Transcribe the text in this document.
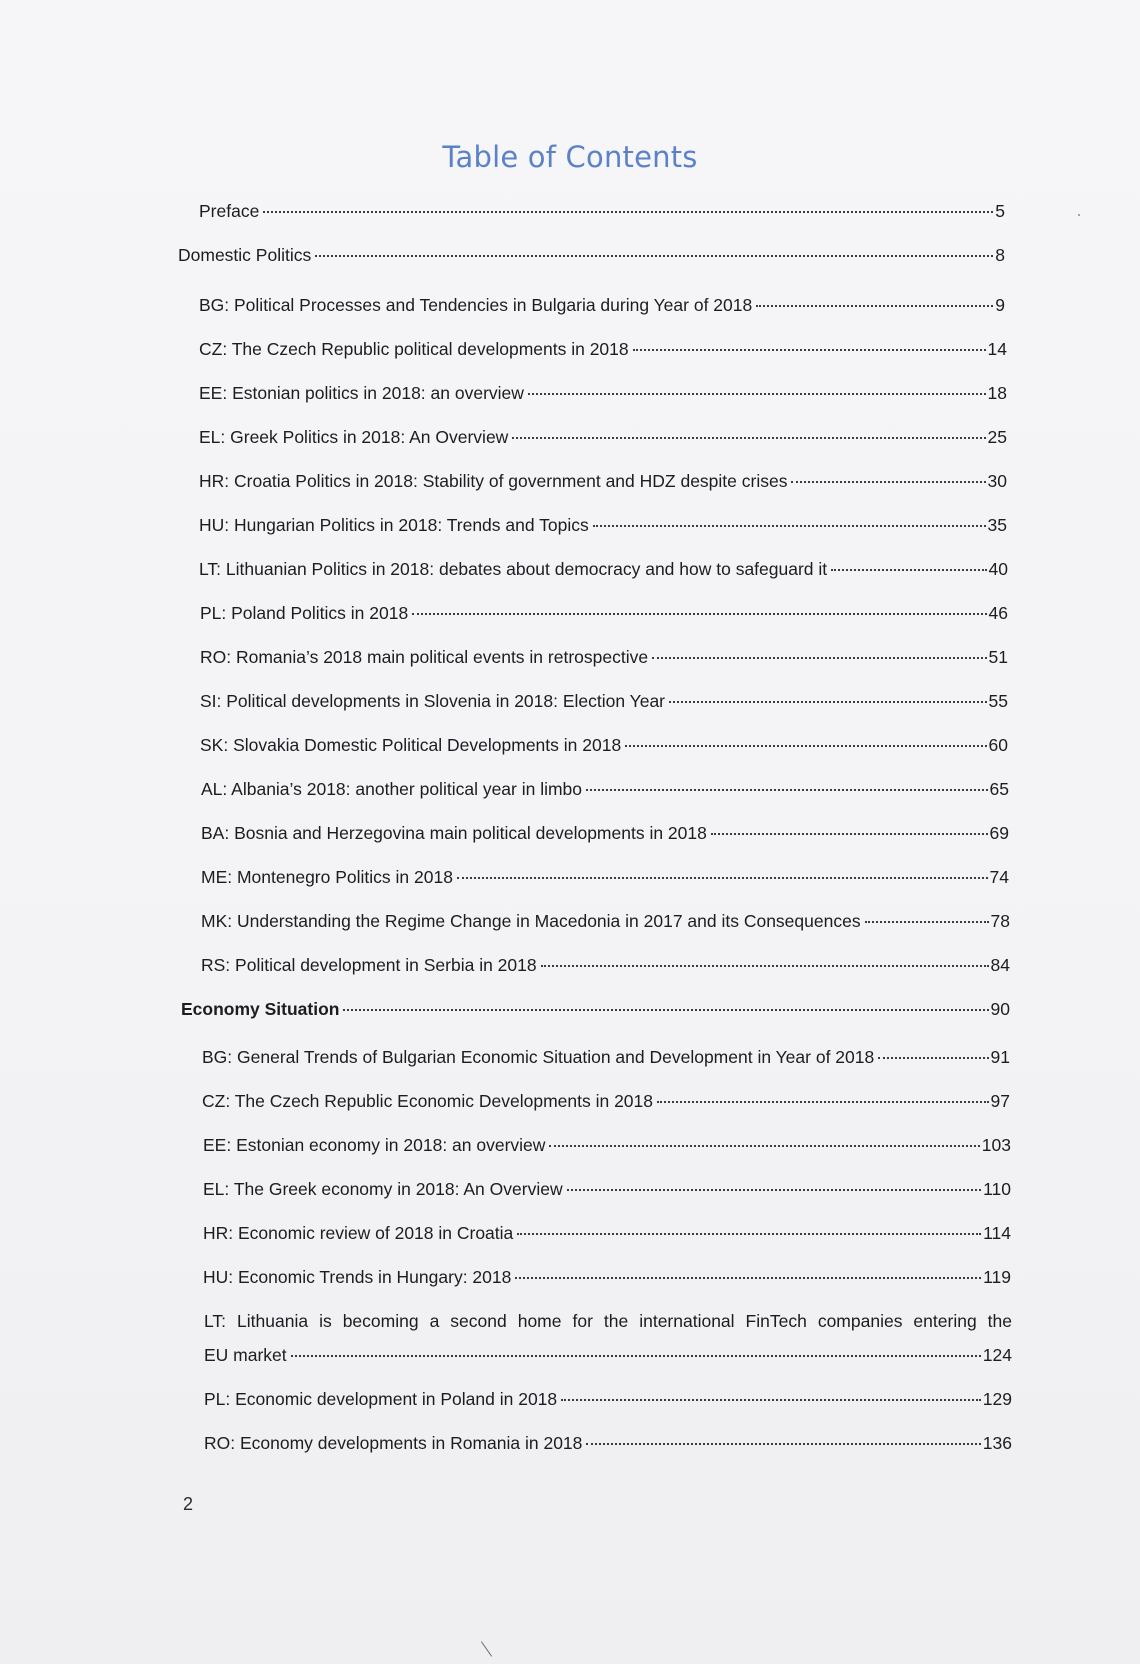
Table of Contents
Preface	5
Domestic Politics	8
BG: Political Processes and Tendencies in Bulgaria during Year of 2018	9
CZ: The Czech Republic political developments in 2018	14
EE: Estonian politics in 2018: an overview	18
EL: Greek Politics in 2018: An Overview	25
HR: Croatia Politics in 2018: Stability of government and HDZ despite crises	30
HU: Hungarian Politics in 2018: Trends and Topics	35
LT: Lithuanian Politics in 2018: debates about democracy and how to safeguard it	40
PL: Poland Politics in 2018	46
RO: Romania’s 2018 main political events in retrospective	51
SI: Political developments in Slovenia in 2018: Election Year	55
SK: Slovakia Domestic Political Developments in 2018	60
AL: Albania’s 2018: another political year in limbo	65
BA: Bosnia and Herzegovina main political developments in 2018	69
ME: Montenegro Politics in 2018	74
MK: Understanding the Regime Change in Macedonia in 2017 and its Consequences	78
RS: Political development in Serbia in 2018	84
Economy Situation	90
BG: General Trends of Bulgarian Economic Situation and Development in Year of 2018	91
CZ: The Czech Republic Economic Developments in 2018	97
EE: Estonian economy in 2018: an overview	103
EL: The Greek economy in 2018: An Overview	110
HR: Economic review of 2018 in Croatia	114
HU: Economic Trends in Hungary: 2018	119
LT: Lithuania is becoming a second home for the international FinTech companies entering the
EU market	124
PL: Economic development in Poland in 2018	129
RO: Economy developments in Romania in 2018	136
2
